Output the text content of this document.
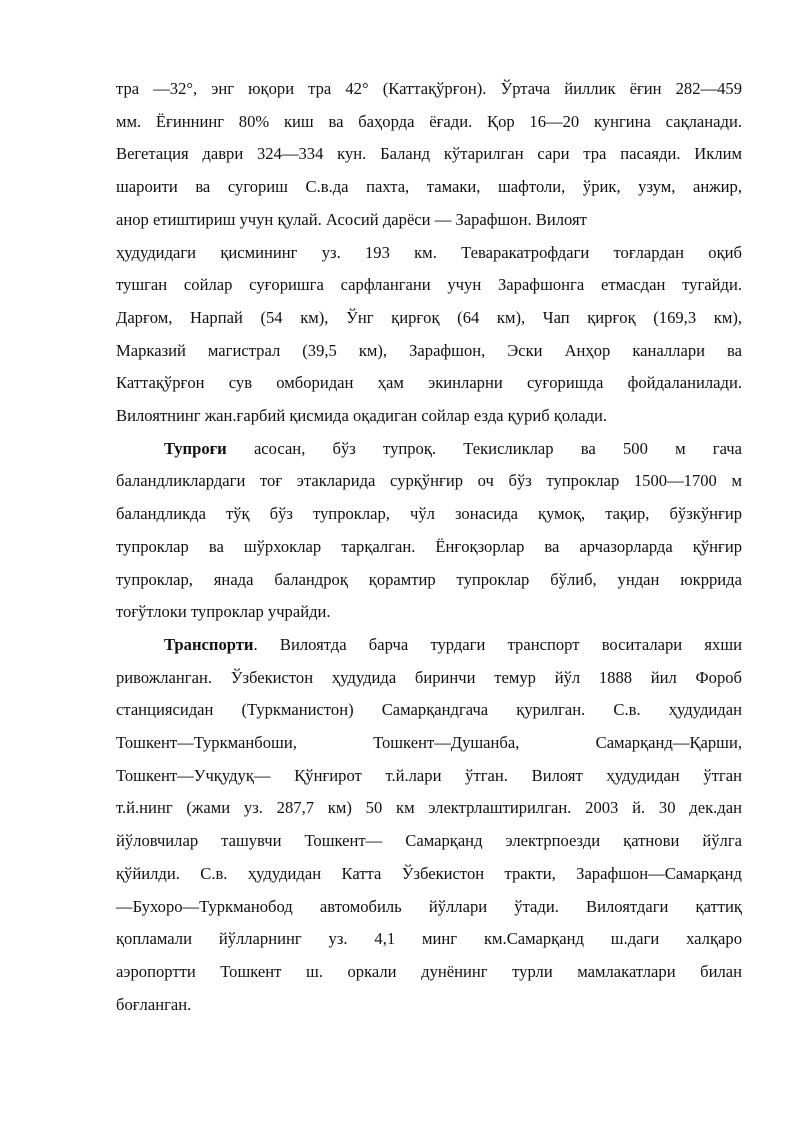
тра —32°, энг юқори тра 42° (Каттақўрғон). Ўртача йиллик ёғин 282—459
мм. Ёғиннинг 80% киш ва баҳорда ёғади. Қор 16—20 кунгина сақланади.
Вегетация даври 324—334 кун. Баланд кўтарилган сари тра пасаяди. Иклим
шароити ва сугориш С.в.да пахта, тамаки, шафтоли, ўрик, узум, анжир,
анор етиштириш учун қулай. Асосий дарёси — Зарафшон. Вилоят
ҳудудидаги қисмининг уз. 193 км. Теваракатрофдаги тоғлардан оқиб
тушган сойлар суғоришга сарфлангани учун Зарафшонга етмасдан тугайди.
Дарғом, Нарпай (54 км), Ўнг қирғоқ (64 км), Чап қирғоқ (169,3 км),
Марказий магистрал (39,5 км), Зарафшон, Эски Анҳор каналлари ва
Каттақўрғон сув омборидан ҳам экинларни суғоришда фойдаланилади.
Вилоятнинг жан.ғарбий қисмида оқадиган сойлар езда қуриб қолади.
Тупроғи асосан, бўз тупроқ. Текисликлар ва 500 м гача
баландликлардаги тоғ этакларида сурқўнғир оч бўз тупроклар 1500—1700 м
баландликда тўқ бўз тупроклар, чўл зонасида қумоқ, тақир, бўзкўнғир
тупроклар ва шўрхоклар тарқалган. Ёнғоқзорлар ва арчазорларда қўнғир
тупроклар, янада баландроқ қорамтир тупроклар бўлиб, ундан юкррида
тоғўтлоки тупроклар учрайди.
Транспорти. Вилоятда барча турдаги транспорт воситалари яхши
ривожланган. Ўзбекистон ҳудудида биринчи темур йўл 1888 йил Фороб
станциясидан (Туркманистон) Самарқандгача қурилган. С.в. ҳудудидан
Тошкент—Туркманбоши, Тошкент—Душанба, Самарқанд—Қарши,
Тошкент—Учқудуқ— Қўнғирот т.й.лари ўтган. Вилоят ҳудудидан ўтган
т.й.нинг (жами уз. 287,7 км) 50 км электрлаштирилган. 2003 й. 30 дек.дан
йўловчилар ташувчи Тошкент— Самарқанд электрпоезди қатнови йўлга
қўйилди. С.в. ҳудудидан Катта Ўзбекистон тракти, Зарафшон—Самарқанд
—Бухоро—Туркманобод автомобиль йўллари ўтади. Вилоятдаги қаттиқ
қопламали йўлларнинг уз. 4,1 минг км.Самарқанд ш.даги халқаро
аэропортти Тошкент ш. оркали дунёнинг турли мамлакатлари билан
боғланган.
